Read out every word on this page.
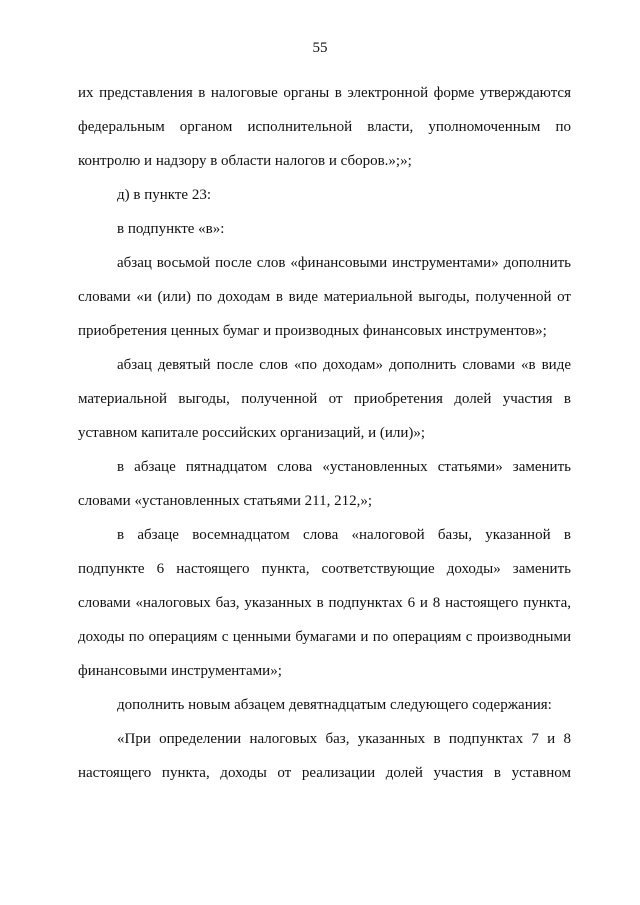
55

их представления в налоговые органы в электронной форме утверждаются федеральным органом исполнительной власти, уполномоченным по контролю и надзору в области налогов и сборов.»;»;

д) в пункте 23:

в подпункте «в»:

абзац восьмой после слов «финансовыми инструментами» дополнить словами «и (или) по доходам в виде материальной выгоды, полученной от приобретения ценных бумаг и производных финансовых инструментов»;

абзац девятый после слов «по доходам» дополнить словами «в виде материальной выгоды, полученной от приобретения долей участия в уставном капитале российских организаций, и (или)»;

в абзаце пятнадцатом слова «установленных статьями» заменить словами «установленных статьями 211, 212,»;

в абзаце восемнадцатом слова «налоговой базы, указанной в подпункте 6 настоящего пункта, соответствующие доходы» заменить словами «налоговых баз, указанных в подпунктах 6 и 8 настоящего пункта, доходы по операциям с ценными бумагами и по операциям с производными финансовыми инструментами»;

дополнить новым абзацем девятнадцатым следующего содержания:

«При определении налоговых баз, указанных в подпунктах 7 и 8 настоящего пункта, доходы от реализации долей участия в уставном
